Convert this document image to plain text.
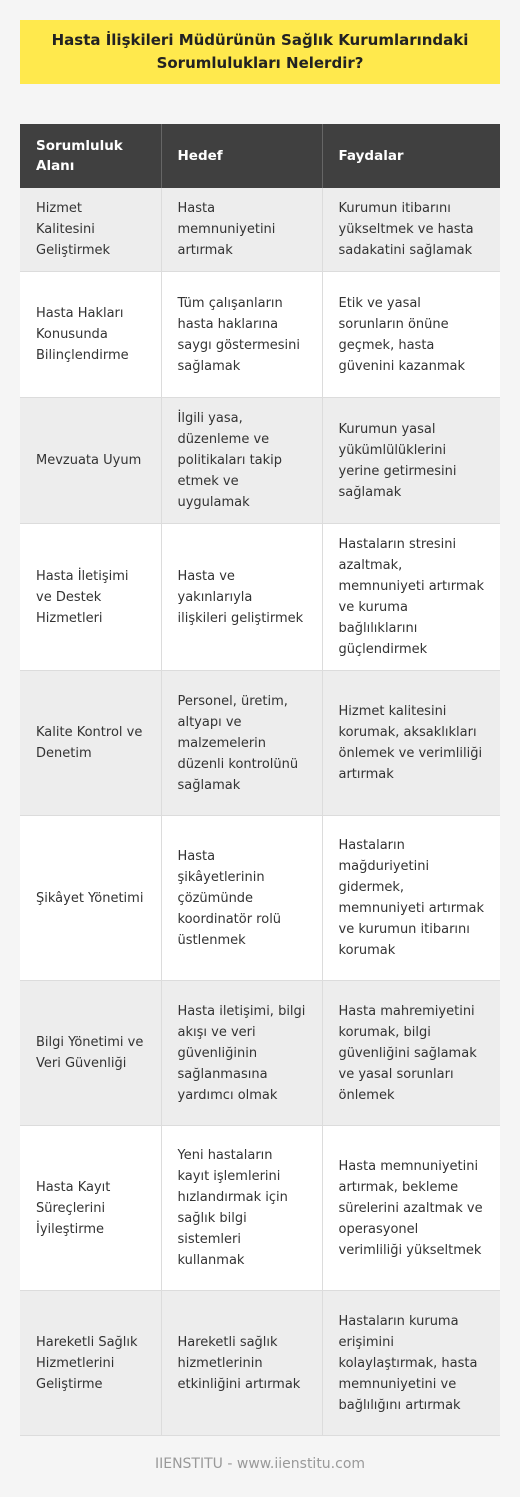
Hasta İlişkileri Müdürünün Sağlık Kurumlarındaki Sorumlulukları Nelerdir?
Sorumluluk Alanı	Hedef	Faydalar
Hizmet Kalitesini Geliştirmek	Hasta memnuniyetini artırmak	Kurumun itibarını yükseltmek ve hasta sadakatini sağlamak
Hasta Hakları Konusunda Bilinçlendirme	Tüm çalışanların hasta haklarına saygı göstermesini sağlamak	Etik ve yasal sorunların önüne geçmek, hasta güvenini kazanmak
Mevzuata Uyum	İlgili yasa, düzenleme ve politikaları takip etmek ve uygulamak	Kurumun yasal yükümlülüklerini yerine getirmesini sağlamak
Hasta İletişimi ve Destek Hizmetleri	Hasta ve yakınlarıyla ilişkileri geliştirmek	Hastaların stresini azaltmak, memnuniyeti artırmak ve kuruma bağlılıklarını güçlendirmek
Kalite Kontrol ve Denetim	Personel, üretim, altyapı ve malzemelerin düzenli kontrolünü sağlamak	Hizmet kalitesini korumak, aksaklıkları önlemek ve verimliliği artırmak
Şikâyet Yönetimi	Hasta şikâyetlerinin çözümünde koordinatör rolü üstlenmek	Hastaların mağduriyetini gidermek, memnuniyeti artırmak ve kurumun itibarını korumak
Bilgi Yönetimi ve Veri Güvenliği	Hasta iletişimi, bilgi akışı ve veri güvenliğinin sağlanmasına yardımcı olmak	Hasta mahremiyetini korumak, bilgi güvenliğini sağlamak ve yasal sorunları önlemek
Hasta Kayıt Süreçlerini İyileştirme	Yeni hastaların kayıt işlemlerini hızlandırmak için sağlık bilgi sistemleri kullanmak	Hasta memnuniyetini artırmak, bekleme sürelerini azaltmak ve operasyonel verimliliği yükseltmek
Hareketli Sağlık Hizmetlerini Geliştirme	Hareketli sağlık hizmetlerinin etkinliğini artırmak	Hastaların kuruma erişimini kolaylaştırmak, hasta memnuniyetini ve bağlılığını artırmak
IIENSTITU - www.iienstitu.com
